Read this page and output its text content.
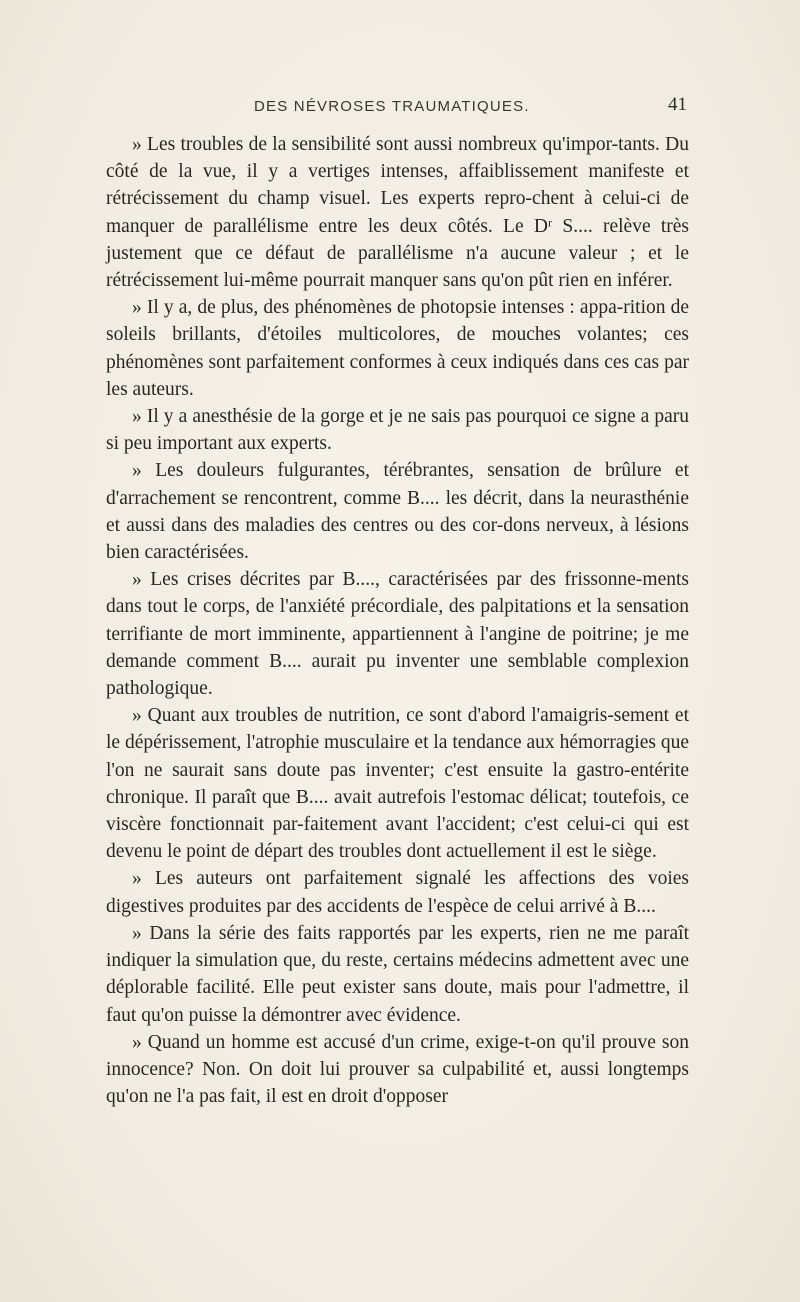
DES NÉVROSES TRAUMATIQUES.	41

» Les troubles de la sensibilité sont aussi nombreux qu'impor-tants. Du côté de la vue, il y a vertiges intenses, affaiblissement manifeste et rétrécissement du champ visuel. Les experts repro-chent à celui-ci de manquer de parallélisme entre les deux côtés. Le Dʳ S.... relève très justement que ce défaut de parallélisme n'a aucune valeur ; et le rétrécissement lui-même pourrait manquer sans qu'on pût rien en inférer.

» Il y a, de plus, des phénomènes de photopsie intenses : appa-rition de soleils brillants, d'étoiles multicolores, de mouches volantes; ces phénomènes sont parfaitement conformes à ceux indiqués dans ces cas par les auteurs.

» Il y a anesthésie de la gorge et je ne sais pas pourquoi ce signe a paru si peu important aux experts.

» Les douleurs fulgurantes, térébrantes, sensation de brûlure et d'arrachement se rencontrent, comme B.... les décrit, dans la neurasthénie et aussi dans des maladies des centres ou des cor-dons nerveux, à lésions bien caractérisées.

» Les crises décrites par B...., caractérisées par des frissonne-ments dans tout le corps, de l'anxiété précordiale, des palpitations et la sensation terrifiante de mort imminente, appartiennent à l'angine de poitrine; je me demande comment B.... aurait pu inventer une semblable complexion pathologique.

» Quant aux troubles de nutrition, ce sont d'abord l'amaigris-sement et le dépérissement, l'atrophie musculaire et la tendance aux hémorragies que l'on ne saurait sans doute pas inventer; c'est ensuite la gastro-entérite chronique. Il paraît que B.... avait autrefois l'estomac délicat; toutefois, ce viscère fonctionnait par-faitement avant l'accident; c'est celui-ci qui est devenu le point de départ des troubles dont actuellement il est le siège.

» Les auteurs ont parfaitement signalé les affections des voies digestives produites par des accidents de l'espèce de celui arrivé à B....

» Dans la série des faits rapportés par les experts, rien ne me paraît indiquer la simulation que, du reste, certains médecins admettent avec une déplorable facilité. Elle peut exister sans doute, mais pour l'admettre, il faut qu'on puisse la démontrer avec évidence.

» Quand un homme est accusé d'un crime, exige-t-on qu'il prouve son innocence? Non. On doit lui prouver sa culpabilité et, aussi longtemps qu'on ne l'a pas fait, il est en droit d'opposer
